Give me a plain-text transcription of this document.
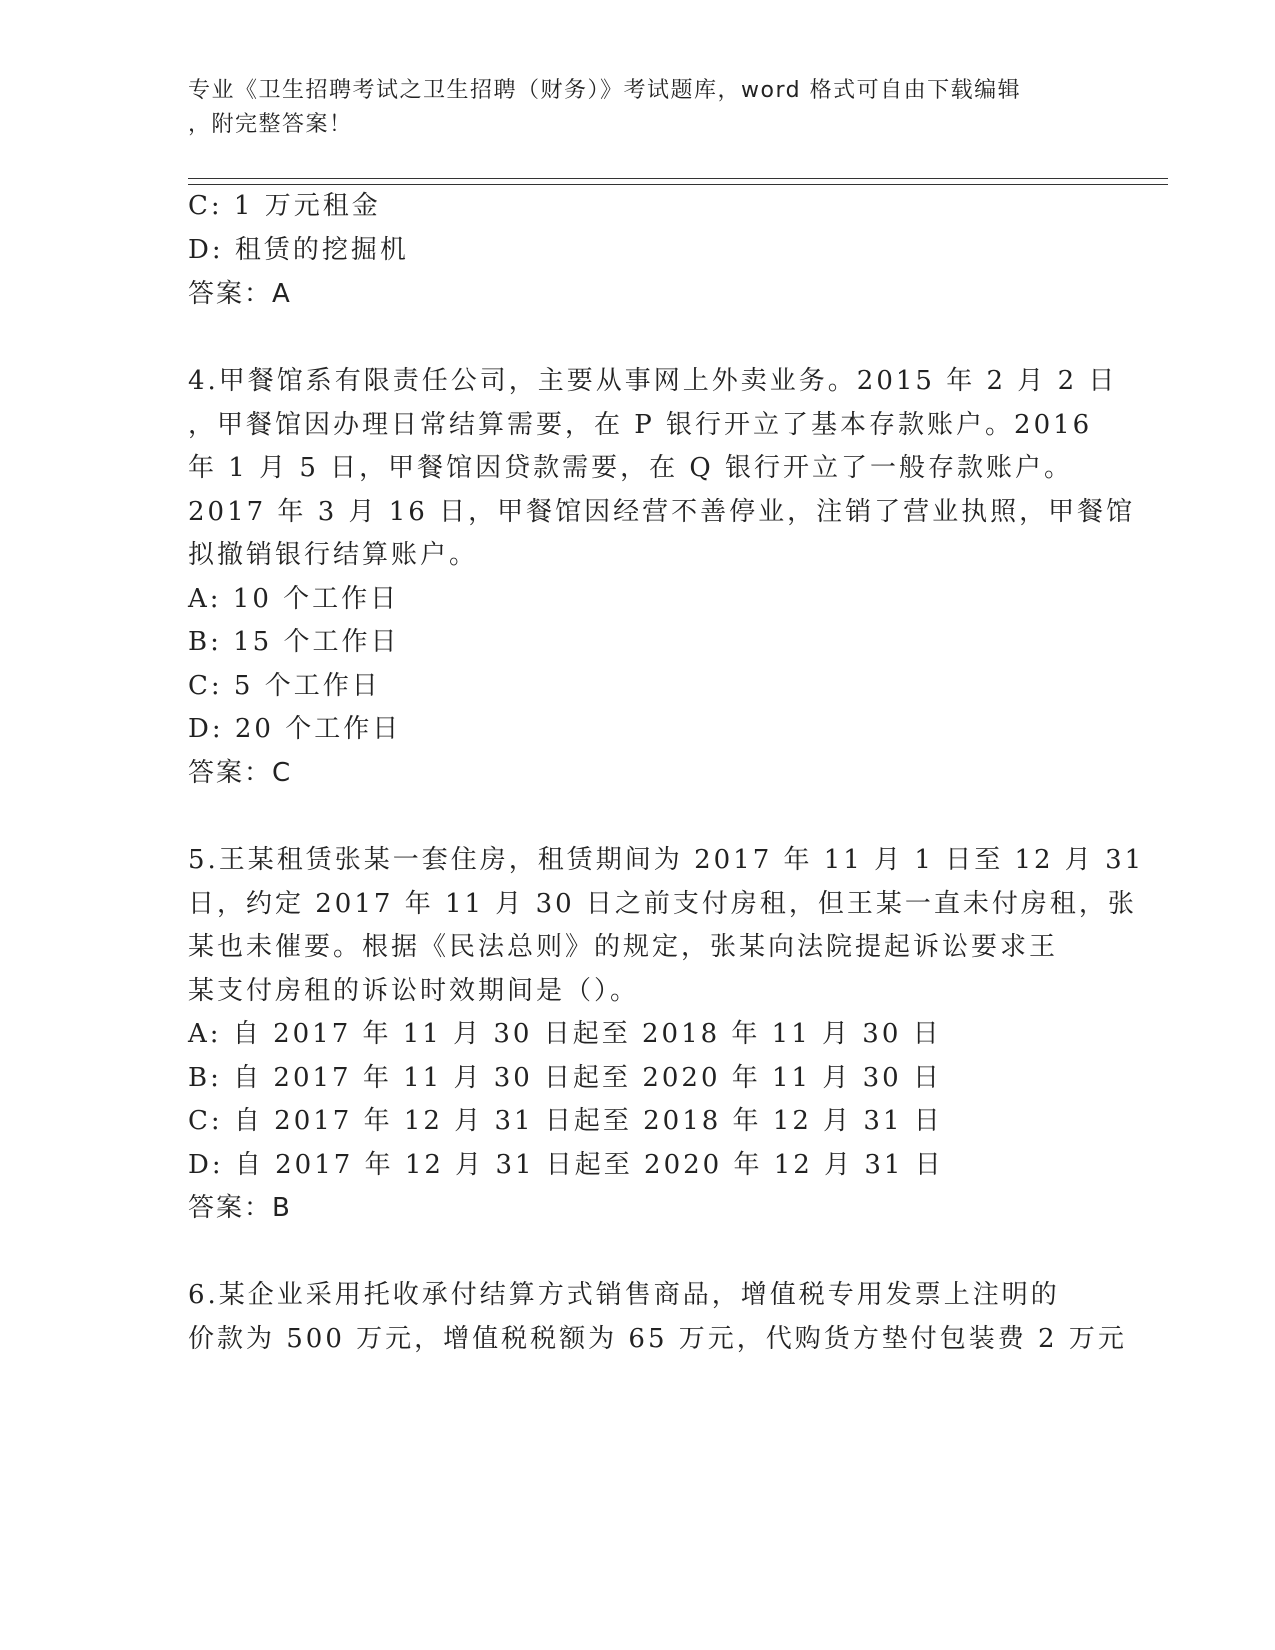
专业《卫生招聘考试之卫生招聘（财务）》考试题库，word 格式可自由下载编辑
，附完整答案！
C: 1 万元租金
D: 租赁的挖掘机
答案：A
4.甲餐馆系有限责任公司，主要从事网上外卖业务。2015 年 2 月 2 日
，甲餐馆因办理日常结算需要，在 P 银行开立了基本存款账户。2016
年 1 月 5 日，甲餐馆因贷款需要，在 Q 银行开立了一般存款账户。
2017 年 3 月 16 日，甲餐馆因经营不善停业，注销了营业执照，甲餐馆
拟撤销银行结算账户。
A: 10 个工作日
B: 15 个工作日
C: 5 个工作日
D: 20 个工作日
答案：C
5.王某租赁张某一套住房，租赁期间为 2017 年 11 月 1 日至 12 月 31
日，约定 2017 年 11 月 30 日之前支付房租，但王某一直未付房租，张
某也未催要。根据《民法总则》的规定，张某向法院提起诉讼要求王
某支付房租的诉讼时效期间是（）。
A: 自 2017 年 11 月 30 日起至 2018 年 11 月 30 日
B: 自 2017 年 11 月 30 日起至 2020 年 11 月 30 日
C: 自 2017 年 12 月 31 日起至 2018 年 12 月 31 日
D: 自 2017 年 12 月 31 日起至 2020 年 12 月 31 日
答案：B
6.某企业采用托收承付结算方式销售商品，增值税专用发票上注明的
价款为 500 万元，增值税税额为 65 万元，代购货方垫付包装费 2 万元
